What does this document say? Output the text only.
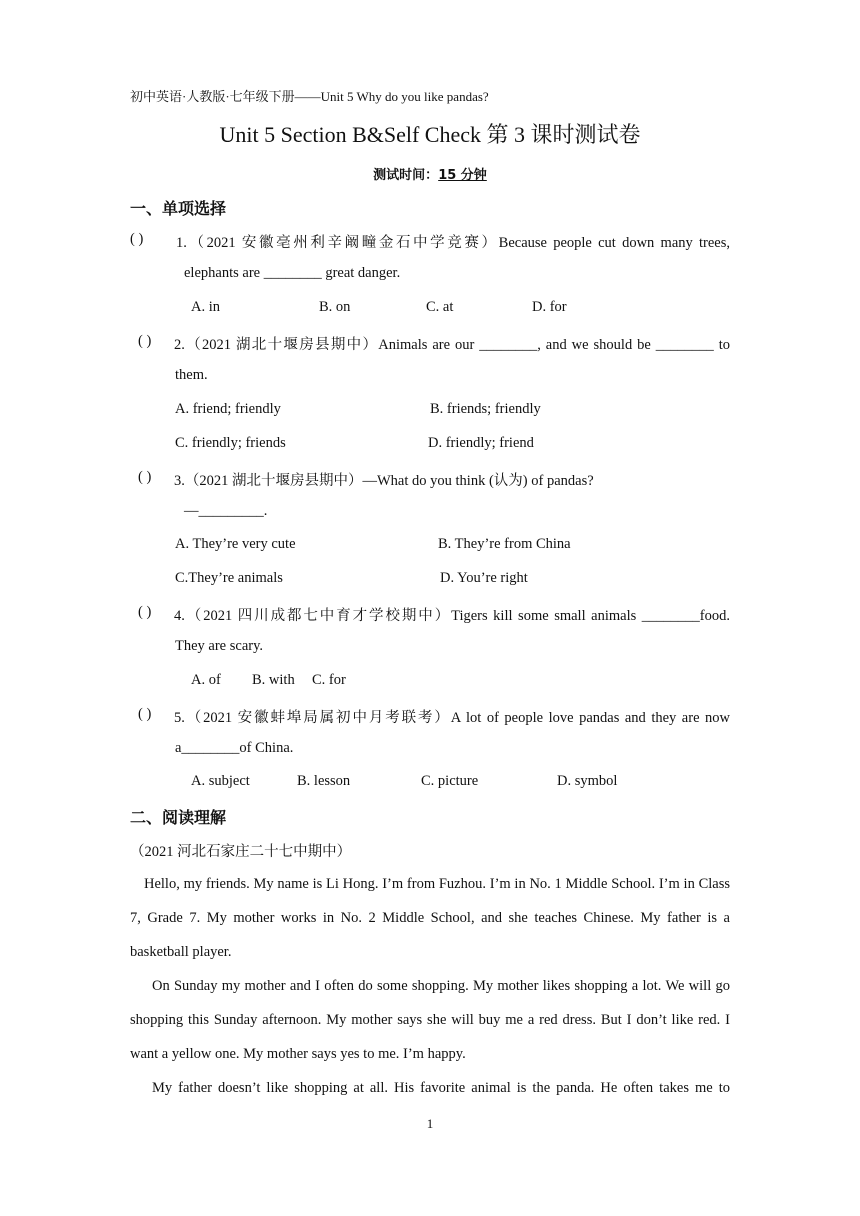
初中英语·人教版·七年级下册——Unit 5 Why do you like pandas?
Unit 5 Section B&Self Check 第 3 课时测试卷
测试时间：15 分钟
一、单项选择
( ) 1.（2021 安徽亳州利辛阚疃金石中学竞赛）Because people cut down many trees,
elephants are ________ great danger.
A. in	B. on	C. at	D. for
( ) 2.（2021 湖北十堰房县期中）Animals are our ________, and we should be ________ to
them.
A. friend; friendly	B. friends; friendly
C. friendly; friends	D. friendly; friend
( ) 3.（2021 湖北十堰房县期中）—What do you think (认为) of pandas?
—_________.
A. They’re very cute	B. They’re from China
C.They’re animals	D. You’re right
( ) 4.（2021 四川成都七中育才学校期中）Tigers kill some small animals ________food.
They are scary.
A. of B. with C. for
( ) 5.（2021 安徽蚌埠局属初中月考联考）A lot of people love pandas and they are now
a________of China.
A. subject	B. lesson	C. picture	D. symbol
二、阅读理解
（2021 河北石家庄二十七中期中）
Hello, my friends. My name is Li Hong. I’m from Fuzhou. I’m in No. 1 Middle School. I’m in Class 7, Grade 7. My mother works in No. 2 Middle School, and she teaches Chinese. My father is a basketball player.
On Sunday my mother and I often do some shopping. My mother likes shopping a lot. We will go shopping this Sunday afternoon. My mother says she will buy me a red dress. But I don’t like red. I want a yellow one. My mother says yes to me. I’m happy.
My father doesn’t like shopping at all. His favorite animal is the panda. He often takes me to
1
